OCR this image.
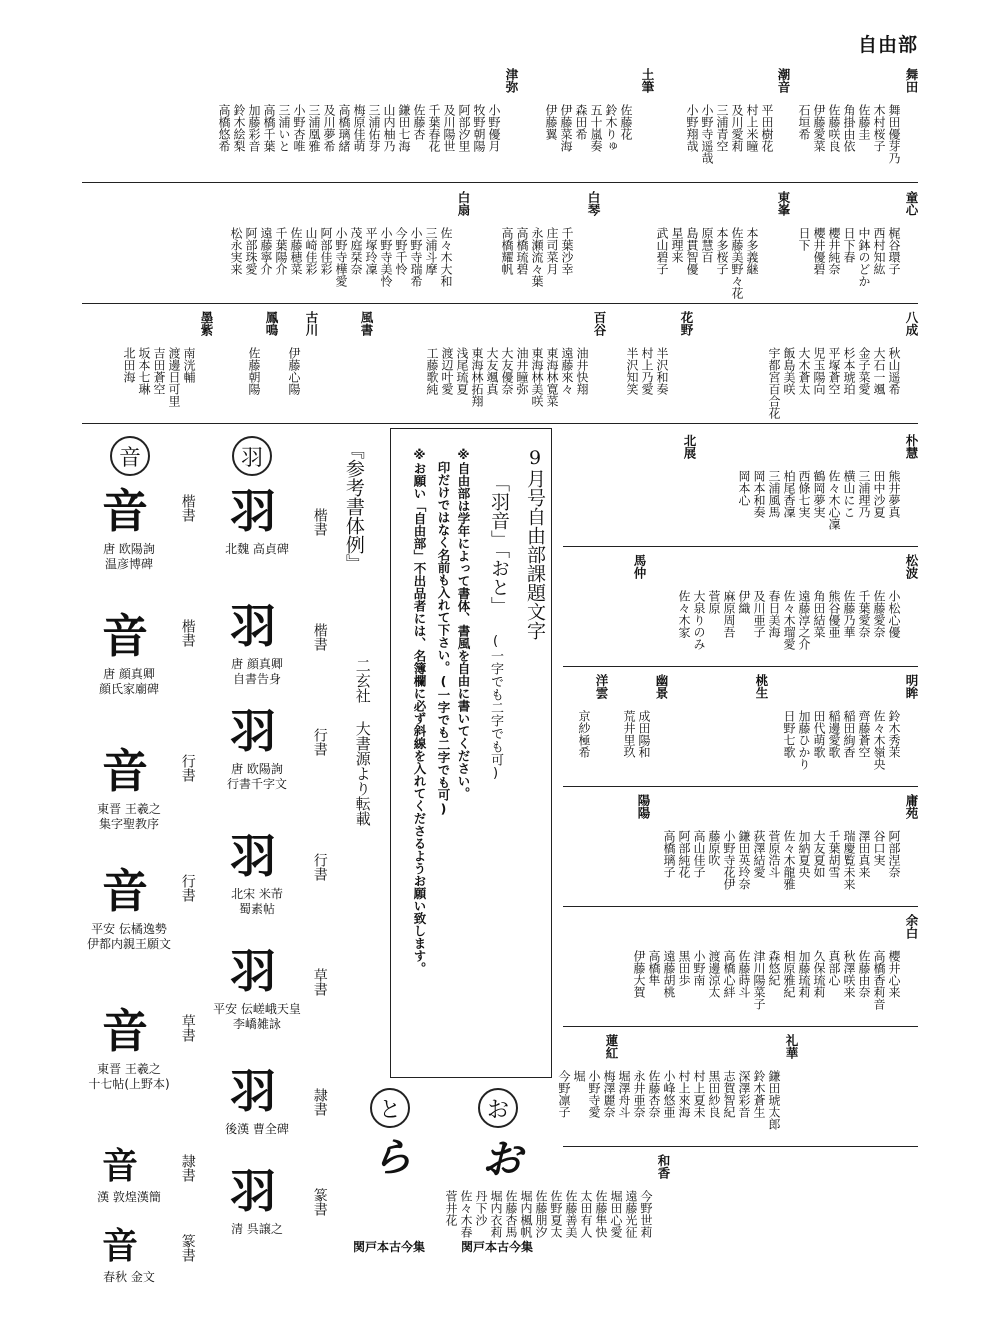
自由部
舞田
舞田優芽乃
木村桜子
佐藤圭
角掛由依
佐藤咲良
伊藤愛菜
石垣希
潮音
平田樹花
村上米瞳
及川愛莉
三浦青空
小野寺遥哉
小野翔哉
土筆
佐藤花
鈴木りゅ
五十嵐奏
森田希
伊藤菜海
伊藤翼
津弥
小野優月
牧野朝陽
阿部汐里
及川陽世
千葉春花
佐藤杏
鎌田七海
山内柚乃
三浦佑芽
梅原佳萌
高橋璃緒
及川夢希
三浦凰雅
小野杏唯
三浦いと
高橋千葉
加藤彩音
鈴木絵梨
高橋悠希
童心
梶谷環子
西村知紘
中鉢のどか
日下春
櫻井純奈
櫻井優碧
日下
東峯
本多義継
佐藤美野々花
本多桜子
原慧百
島貫智優
星理来
武山碧子
白琴
千葉沙幸
庄司菜月
永瀬流々葉
高橋琉碧
高橋耀帆
白扇
佐々木大和
三浦斗摩
小野寺瑞希
今野千怜
小野寺美怜
平塚玲凜
茂庭栞奈
小野寺樺愛
阿部佳彩
山崎佳彩
佐藤穂菜
千葉陽介
遠藤寧介
阿部珠愛
松永実来
八成
秋山遥希
大石一颯
金子菜愛
杉本琥珀
平塚蒼空
児玉陽向
大木蒼太
飯島美咲
宇都宮百合花
花野
半沢和奏
村上乃愛
半沢知笑
百谷
油井快翔
遠藤來々
東海林寛菜
東海林美咲
油井瞳弥
大友優奈
大友颯真
東海林拓翔
浅尾琉夏
渡辺叶愛
工藤歌純
風書
古川
伊藤心陽
鳳鳴
佐藤朝陽
墨紫
南洸輔
渡邊日可里
吉田蒼空
坂本七琳
北田海
朴慧
熊井夢真
田中沙夏
三浦理乃
横山にこ
佐々木心凜
鶴岡夢実
西條七実
柏尾香凜
三浦風馬
岡本和奏
岡本心
北展
松波
小松心優
佐藤愛奈
千葉愛奈
佐藤乃華
熊谷優亜
角田結菜
遠藤淳之介
佐々木瑠愛
春日美海
及川亜子
伊織
麻原周吾
菅原
大泉りのみ
佐々木家
馬仲
明眸
鈴木秀茉
佐々木嶺央
齊藤蒼空
稲田絢香
稲邊愛歌
田代萌歌
加藤ひかり
日野七歌
桃生
幽景
成田陽和
荒井里玖
洋雲
京紗極希
庸苑
阿部涅奈
谷口実
澤田真来
瑞慶覧未来
千葉胡雪
大友夏如
加納夏央
佐々木龍雅
菅原浩斗
荻澤結愛
鎌田英玲奈
小野寺花伊
藤原吹
高山佳子
阿部純花
高橋璃子
陽陽
余白
櫻井心来
高橋香莉音
佐藤由奈
秋澤咲来
真部心
久保琉莉
加藤琉莉
相原雅紀
森悠紀
津川陽菜子
佐藤蒔斗
高橋心絆
渡邊涼太
小野南
黒田歩
遠藤胡桃
高橋隼
伊藤大賀
礼華
鎌田琥太郎
鈴木蒼生
深澤彩音
志賀智紀
黒田紗良
村上夏未
村上來海
小峰悠亜
佐藤杏奈
永井亜奈
堀澤舟斗
梅澤麗奈
小野寺愛
堀
今野凛子
蓮紅
和香
今野世莉
遠藤光征
堀田心愛
佐藤隼快
太田有人
佐藤善美
佐野夏太
佐藤朋汐
堀内楓帆
佐藤杏馬
堀内衣莉
丹下沙
佐々木春
菅井花
音	羽
と	お
音
唐 欧陽詢
温彦博碑
楷書
音
唐 顔真卿
顔氏家廟碑
楷書
音
東晋 王羲之
集字聖教序
行書
音
平安 伝橘逸勢
伊都内親王願文
行書
音
東晋 王羲之
十七帖(上野本)
草書
音
漢 敦煌漢簡
隷書
音
春秋 金文
篆書
羽
北魏 高貞碑
楷書
羽
唐 顔真卿
自書告身
楷書
羽
唐 欧陽詢
行書千字文
行書
羽
北宋 米芾
蜀素帖
行書
羽
平安 伝嵯峨天皇
李嶠雑詠
草書
羽
後漢 曹全碑
隷書
羽
清 呉譲之
篆書
ら お
関戸本古今集	関戸本古今集
『参考書体例』
二玄社 大書源より転載
9月号自由部課題文字
「羽音」「おと」
(一字でも二字でも可)
※自由部は学年によって書体、書風を自由に書いてください。
印だけではなく名前も入れて下さい。(一字でも二字でも可)
※お願い「自由部」不出品者には、名簿欄に必ず斜線を入れてくださるようお願い致します。
